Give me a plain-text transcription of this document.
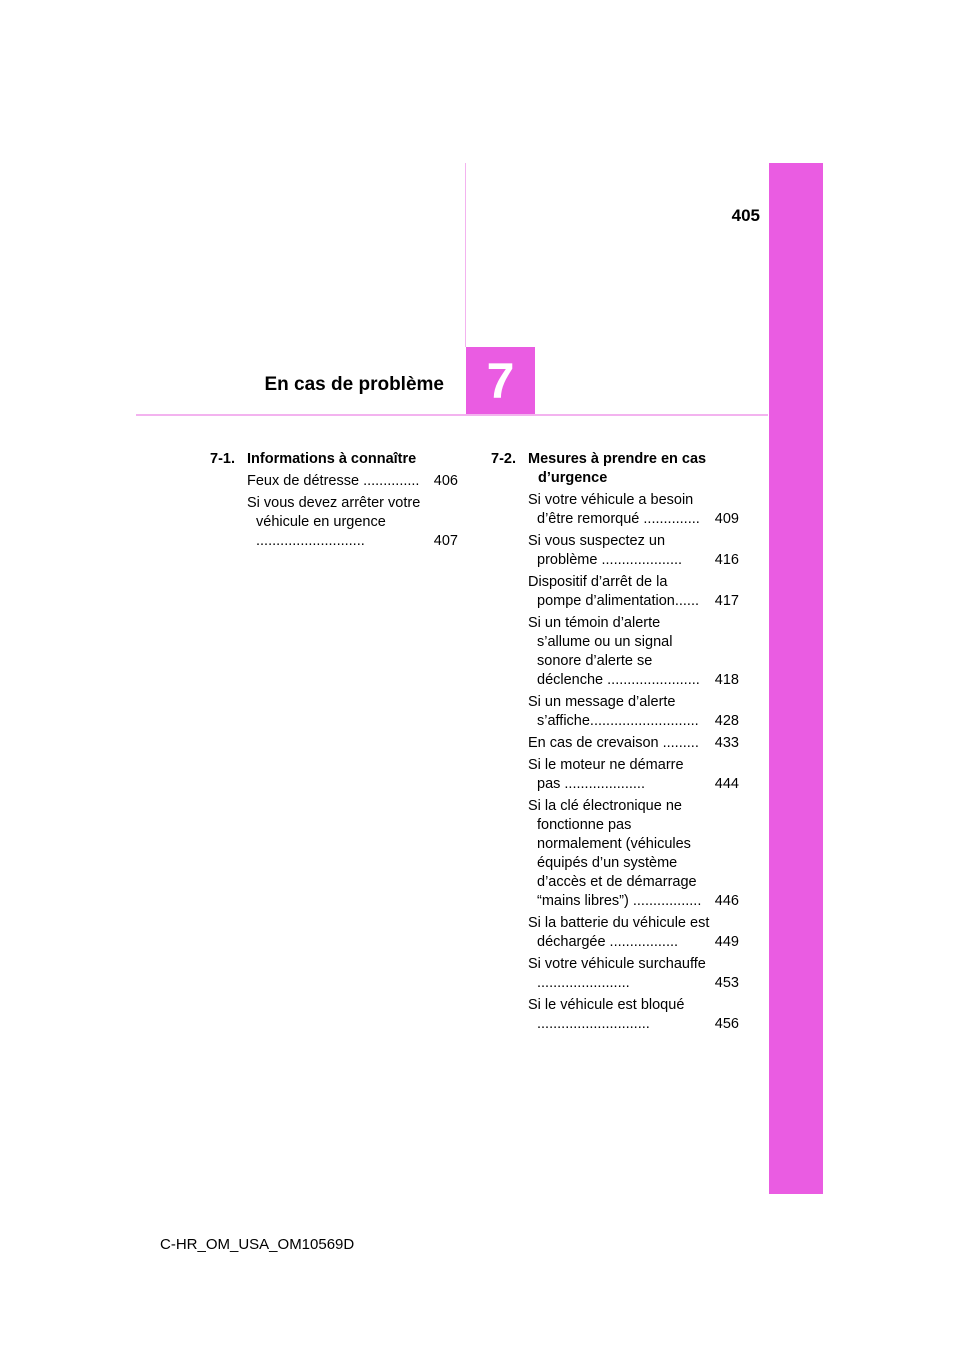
405
En cas de problème 7
7-1. Informations à connaître
Feux de détresse .............. 406
Si vous devez arrêter votre véhicule en urgence ...........................	407
7-2. Mesures à prendre en cas d’urgence
Si votre véhicule a besoin d’être remorqué ..............	409
Si vous suspectez un problème ....................	416
Dispositif d’arrêt de la pompe d’alimentation......	417
Si un témoin d’alerte s’allume ou un signal sonore d’alerte se déclenche .......................	418
Si un message d’alerte s’affiche...........................	428
En cas de crevaison .........	433
Si le moteur ne démarre pas ....................	444
Si la clé électronique ne fonctionne pas normalement (véhicules équipés d’un système d’accès et de démarrage “mains libres”) ................. 446
Si la batterie du véhicule est déchargée .................	449
Si votre véhicule surchauffe .......................	453
Si le véhicule est bloqué ............................	456
C-HR_OM_USA_OM10569D
